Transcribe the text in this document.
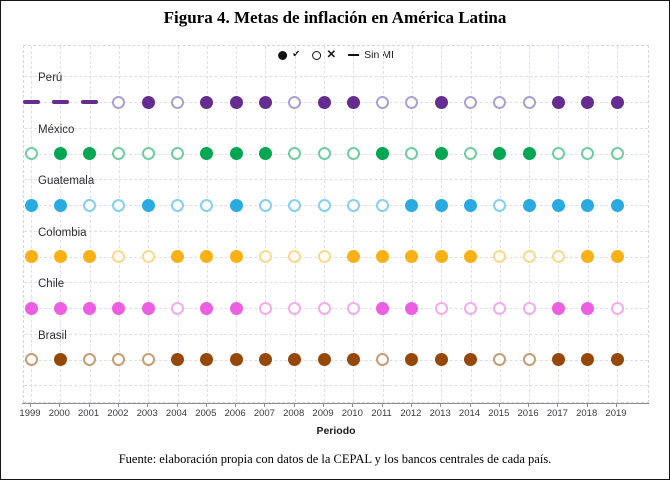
Figura 4. Metas de inflación en América Latina
✔ ✕	Sin MI
Perú
México
Guatemala
Colombia
Chile
Brasil
Periodo
Fuente: elaboración propia con datos de la CEPAL y los bancos centrales de cada país.
1999 2000 2001 2002 2003 2004 2005 2006 2007 2008 2009 2010 2011 2012 2013 2014 2015 2016 2017 2018 2019
